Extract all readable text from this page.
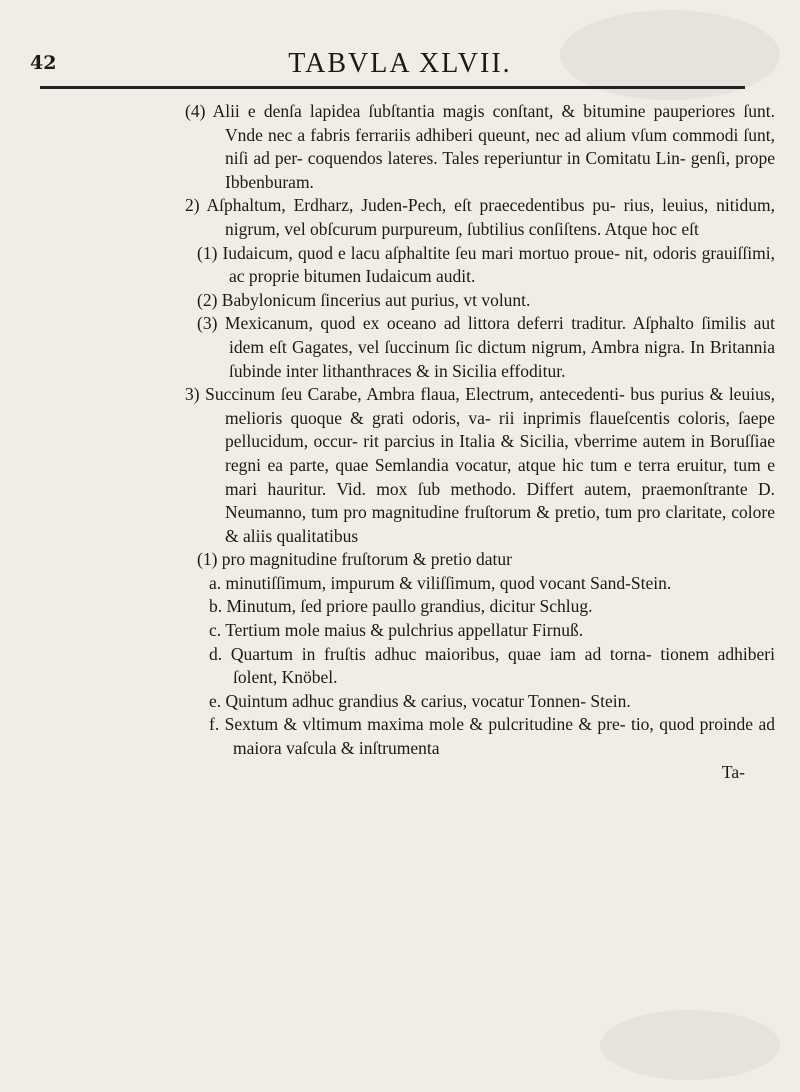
42	TABVLA XLVII.

(4) Alii e denſa lapidea ſubſtantia magis conſtant, & bitumine pauperiores ſunt. Vnde nec a fabris ferrariis adhiberi queunt, nec ad alium vſum commodi ſunt, niſi ad per- coquendos lateres. Tales reperiuntur in Comitatu Lin- genſi, prope Ibbenburam.

2) Aſphaltum, Erdharz, Juden-Pech, eſt praecedentibus pu- rius, leuius, nitidum, nigrum, vel obſcurum purpureum, ſubtilius conſiſtens. Atque hoc eſt

(1) Iudaicum, quod e lacu aſphaltite ſeu mari mortuo proue- nit, odoris grauiſſimi, ac proprie bitumen Iudaicum audit.

(2) Babylonicum ſincerius aut purius, vt volunt.

(3) Mexicanum, quod ex oceano ad littora deferri traditur. Aſphalto ſimilis aut idem eſt Gagates, vel ſuccinum ſic dictum nigrum, Ambra nigra. In Britannia ſubinde inter lithanthraces & in Sicilia effoditur.

3) Succinum ſeu Carabe, Ambra flaua, Electrum, antecedenti- bus purius & leuius, melioris quoque & grati odoris, va- rii inprimis flaueſcentis coloris, ſaepe pellucidum, occur- rit parcius in Italia & Sicilia, vberrime autem in Boruſſiae regni ea parte, quae Semlandia vocatur, atque hic tum e terra eruitur, tum e mari hauritur. Vid. mox ſub methodo. Differt autem, praemonſtrante D. Neumanno, tum pro magnitudine fruſtorum & pretio, tum pro claritate, colore & aliis qualitatibus

(1) pro magnitudine fruſtorum & pretio datur

a. minutiſſimum, impurum & viliſſimum, quod vocant Sand-Stein.

b. Minutum, ſed priore paullo grandius, dicitur Schlug.

c. Tertium mole maius & pulchrius appellatur Firnuß.

d. Quartum in fruſtis adhuc maioribus, quae iam ad torna- tionem adhiberi ſolent, Knöbel.

e. Quintum adhuc grandius & carius, vocatur Tonnen- Stein.

f. Sextum & vltimum maxima mole & pulcritudine & pre- tio, quod proinde ad maiora vaſcula & inſtrumenta

Ta-
